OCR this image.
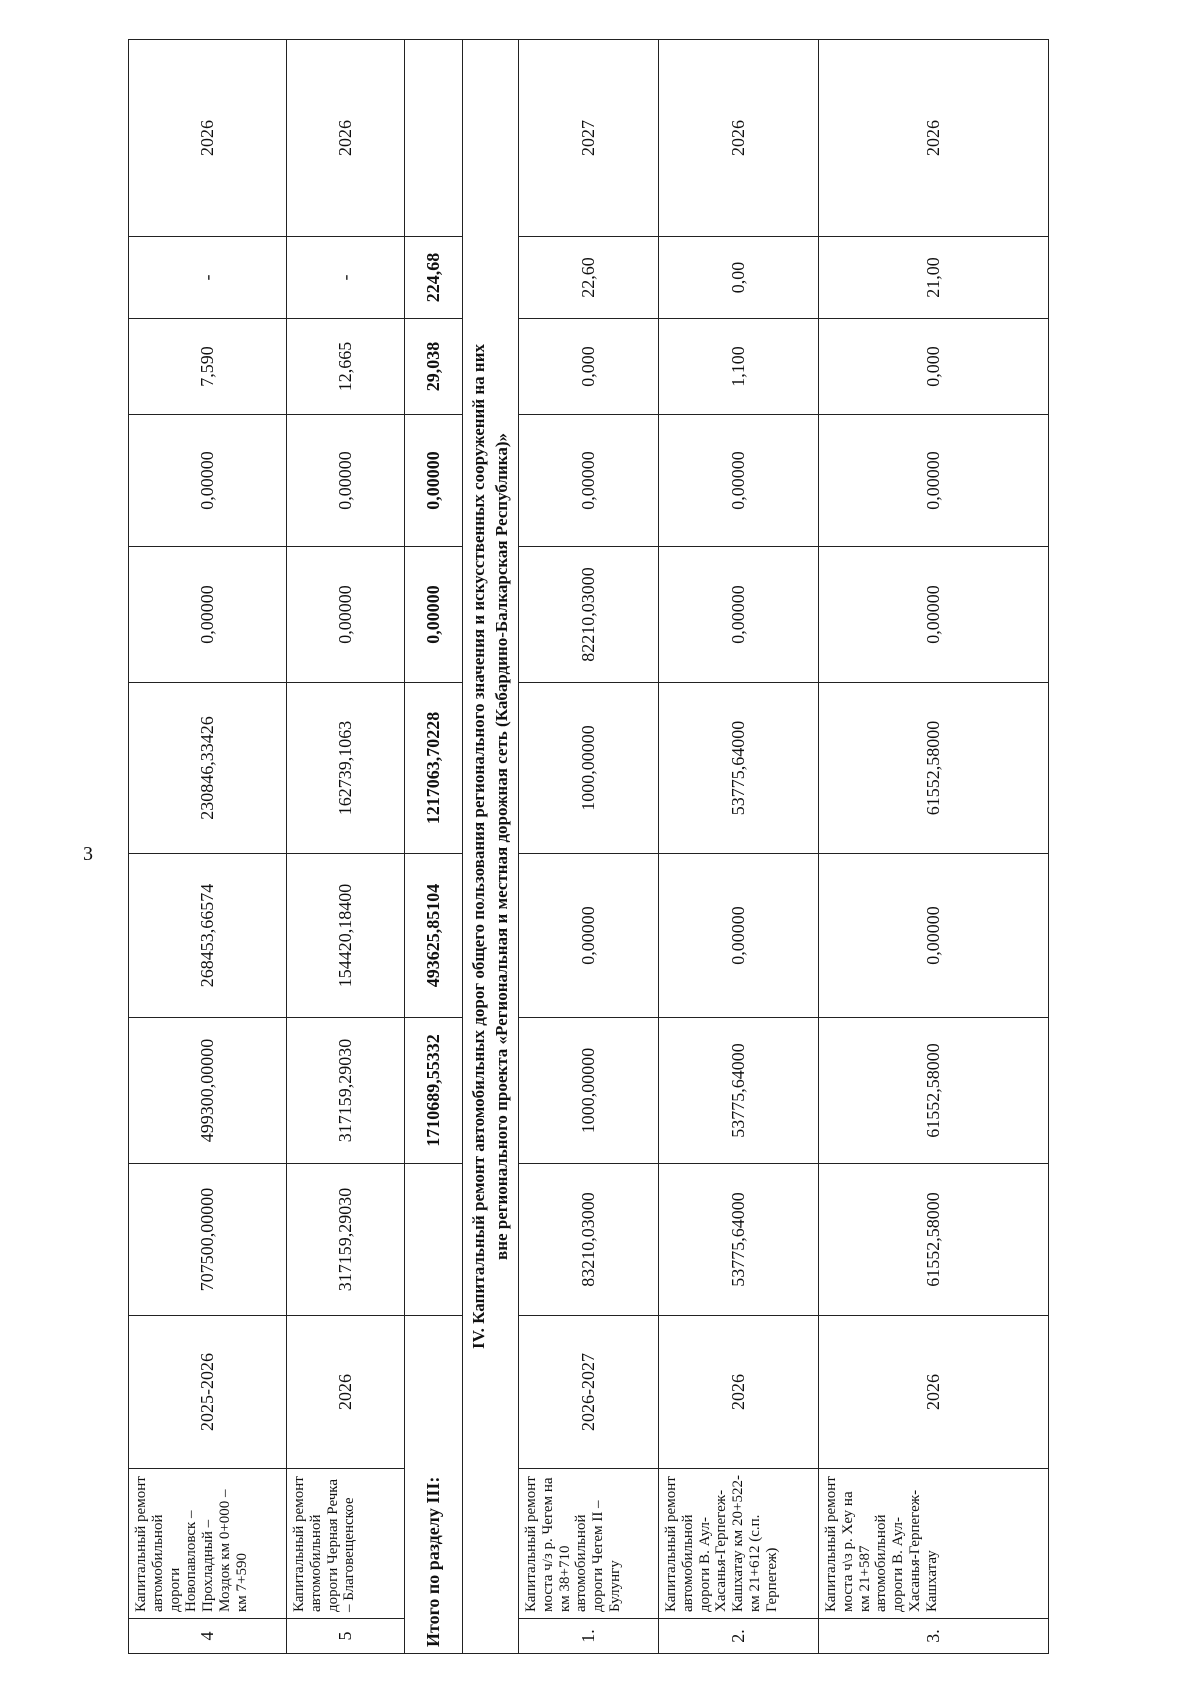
3
4	Капитальный ремонт автомобильной дороги Новопавловск – Прохладный – Моздок км 0+000 – км 7+590	2025-2026	707500,00000	499300,00000	268453,66574	230846,33426	0,00000	0,00000	7,590	-	2026
5	Капитальный ремонт автомобильной дороги Черная Речка – Благовещенское	2026	317159,29030	317159,29030	154420,18400	162739,1063	0,00000	0,00000	12,665	-	2026
Итого по разделу III:				1710689,55332	493625,85104	1217063,70228	0,00000	0,00000	29,038	224,68	

IV. Капитальный ремонт автомобильных дорог общего пользования регионального значения и искусственных сооружений на них вне регионального проекта «Региональная и местная дорожная сеть (Кабардино-Балкарская Республика)»											

1.	Капитальный ремонт моста ч/з р. Чегем на км 38+710 автомобильной дороги Чегем II – Булунгу	2026-2027	83210,03000	1000,00000	0,00000	1000,00000	82210,03000	0,00000	0,000	22,60	2027
2.	Капитальный ремонт автомобильной дороги В. Аул-Хасанья-Герпегеж-Кашхатау км 20+522-км 21+612 (с.п. Герпегеж)	2026	53775,64000	53775,64000	0,00000	53775,64000	0,00000	0,00000	1,100	0,00	2026
3.	Капитальный ремонт моста ч\з р. Хеу на км 21+587 автомобильной дороги В. Аул-Хасанья-Герпегеж-Кашхатау	2026	61552,58000	61552,58000	0,00000	61552,58000	0,00000	0,00000	0,000	21,00	2026
